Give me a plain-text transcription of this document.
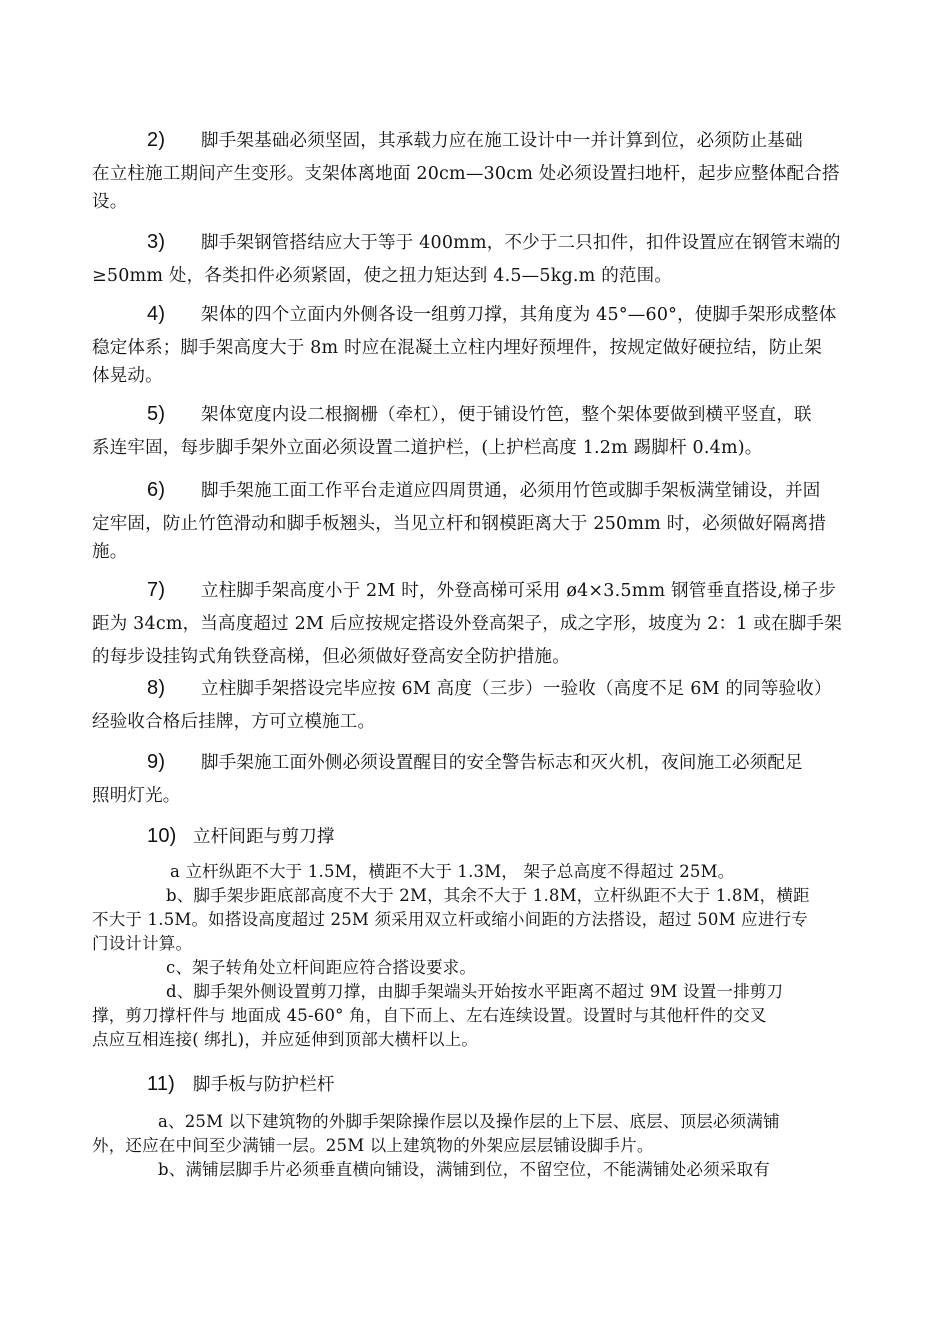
2) 脚手架基础必须坚固，其承载力应在施工设计中一并计算到位，必须防止基础
在立柱施工期间产生变形。支架体离地面 20cm—30cm 处必须设置扫地杆，起步应整体配合搭
设。
3) 脚手架钢管搭结应大于等于 400mm，不少于二只扣件，扣件设置应在钢管末端的
≥50mm 处，各类扣件必须紧固，使之扭力矩达到 4.5—5kg.m 的范围。
4) 架体的四个立面内外侧各设一组剪刀撑，其角度为 45°—60°，使脚手架形成整体
稳定体系；脚手架高度大于 8m 时应在混凝土立柱内埋好预埋件，按规定做好硬拉结，防止架
体晃动。
5) 架体宽度内设二根搁栅（牵杠），便于铺设竹笆，整个架体要做到横平竖直，联
系连牢固，每步脚手架外立面必须设置二道护栏，(上护栏高度 1.2m 踢脚杆 0.4m)。
6) 脚手架施工面工作平台走道应四周贯通，必须用竹笆或脚手架板满堂铺设，并固
定牢固，防止竹笆滑动和脚手板翘头，当见立杆和钢模距离大于 250mm 时，必须做好隔离措
施。
7) 立柱脚手架高度小于 2M 时，外登高梯可采用 ø4×3.5mm 钢管垂直搭设,梯子步
距为 34cm，当高度超过 2M 后应按规定搭设外登高架子，成之字形，坡度为 2：1 或在脚手架
的每步设挂钩式角铁登高梯，但必须做好登高安全防护措施。
8) 立柱脚手架搭设完毕应按 6M 高度（三步）一验收（高度不足 6M 的同等验收）
经验收合格后挂牌，方可立模施工。
9) 脚手架施工面外侧必须设置醒目的安全警告标志和灭火机，夜间施工必须配足
照明灯光。
10) 立杆间距与剪刀撑
a 立杆纵距不大于 1.5M，横距不大于 1.3M， 架子总高度不得超过 25M。
b、脚手架步距底部高度不大于 2M，其余不大于 1.8M，立杆纵距不大于 1.8M，横距
不大于 1.5M。如搭设高度超过 25M 须采用双立杆或缩小间距的方法搭设，超过 50M 应进行专
门设计计算。
c、架子转角处立杆间距应符合搭设要求。
d、脚手架外侧设置剪刀撑，由脚手架端头开始按水平距离不超过 9M 设置一排剪刀
撑，剪刀撑杆件与 地面成 45-60° 角，自下而上、左右连续设置。设置时与其他杆件的交叉
点应互相连接( 绑扎)，并应延伸到顶部大横杆以上。
11) 脚手板与防护栏杆
a、25M 以下建筑物的外脚手架除操作层以及操作层的上下层、底层、顶层必须满铺
外，还应在中间至少满铺一层。25M 以上建筑物的外架应层层铺设脚手片。
b、满铺层脚手片必须垂直横向铺设，满铺到位，不留空位，不能满铺处必须采取有
